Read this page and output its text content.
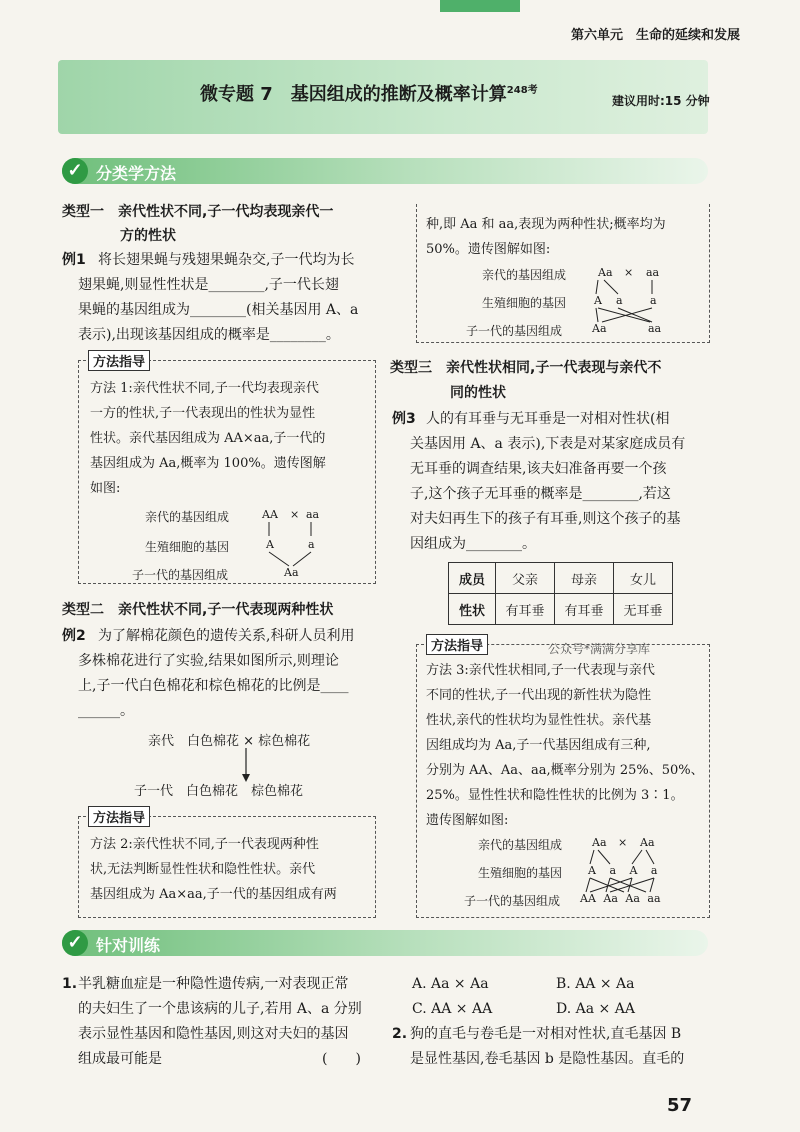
第六单元　生命的延续和发展
微专题 7　基因组成的推断及概率计算$^{248考}$
建议用时:15 分钟
✓ 分类学方法
类型一　亲代性状不同,子一代均表现亲代一
方的性状
例1 将长翅果蝇与残翅果蝇杂交,子一代均为长
翅果蝇,则显性性状是________,子一代长翅
果蝇的基因组成为________(相关基因用 A、a
表示),出现该基因组成的概率是________。
方法指导
方法 1:亲代性状不同,子一代均表现亲代
一方的性状,子一代表现出的性状为显性
性状。亲代基因组成为 AA×aa,子一代的
基因组成为 Aa,概率为 100%。遗传图解
如图:
亲代的基因组成
生殖细胞的基因
子一代的基因组成
AA × aa
A	a
Aa
类型二　亲代性状不同,子一代表现两种性状
例2 为了解棉花颜色的遗传关系,科研人员利用
多株棉花进行了实验,结果如图所示,则理论
上,子一代白色棉花和棕色棉花的比例是____
______。
亲代　白色棉花 × 棕色棉花
子一代　白色棉花　棕色棉花
方法指导
方法 2:亲代性状不同,子一代表现两种性
状,无法判断显性性状和隐性性状。亲代
基因组成为 Aa×aa,子一代的基因组成有两
种,即 Aa 和 aa,表现为两种性状;概率均为
50%。遗传图解如图:
亲代的基因组成
生殖细胞的基因
子一代的基因组成
Aa × aa
A a a
Aa	aa
类型三　亲代性状相同,子一代表现与亲代不
同的性状
例3 人的有耳垂与无耳垂是一对相对性状(相
关基因用 A、a 表示),下表是对某家庭成员有
无耳垂的调查结果,该夫妇准备再要一个孩
子,这个孩子无耳垂的概率是________,若这
对夫妇再生下的孩子有耳垂,则这个孩子的基
因组成为________。
成员	父亲	母亲	女儿
性状	有耳垂	有耳垂	无耳垂
方法指导	公众号*满满分享库
方法 3:亲代性状相同,子一代表现与亲代
不同的性状,子一代出现的新性状为隐性
性状,亲代的性状均为显性性状。亲代基
因组成均为 Aa,子一代基因组成有三种,
分别为 AA、Aa、aa,概率分别为 25%、50%、
25%。显性性状和隐性性状的比例为 3∶1。
遗传图解如图:
亲代的基因组成
生殖细胞的基因
子一代的基因组成
Aa × Aa
A a A a
AA Aa Aa aa
✓ 针对训练
1. 半乳糖血症是一种隐性遗传病,一对表现正常
的夫妇生了一个患该病的儿子,若用 A、a 分别
表示显性基因和隐性基因,则这对夫妇的基因
组成最可能是	(　　)
A. Aa × Aa	B. AA × Aa
C. AA × AA	D. Aa × AA
2. 狗的直毛与卷毛是一对相对性状,直毛基因 B
是显性基因,卷毛基因 b 是隐性基因。直毛的
57
